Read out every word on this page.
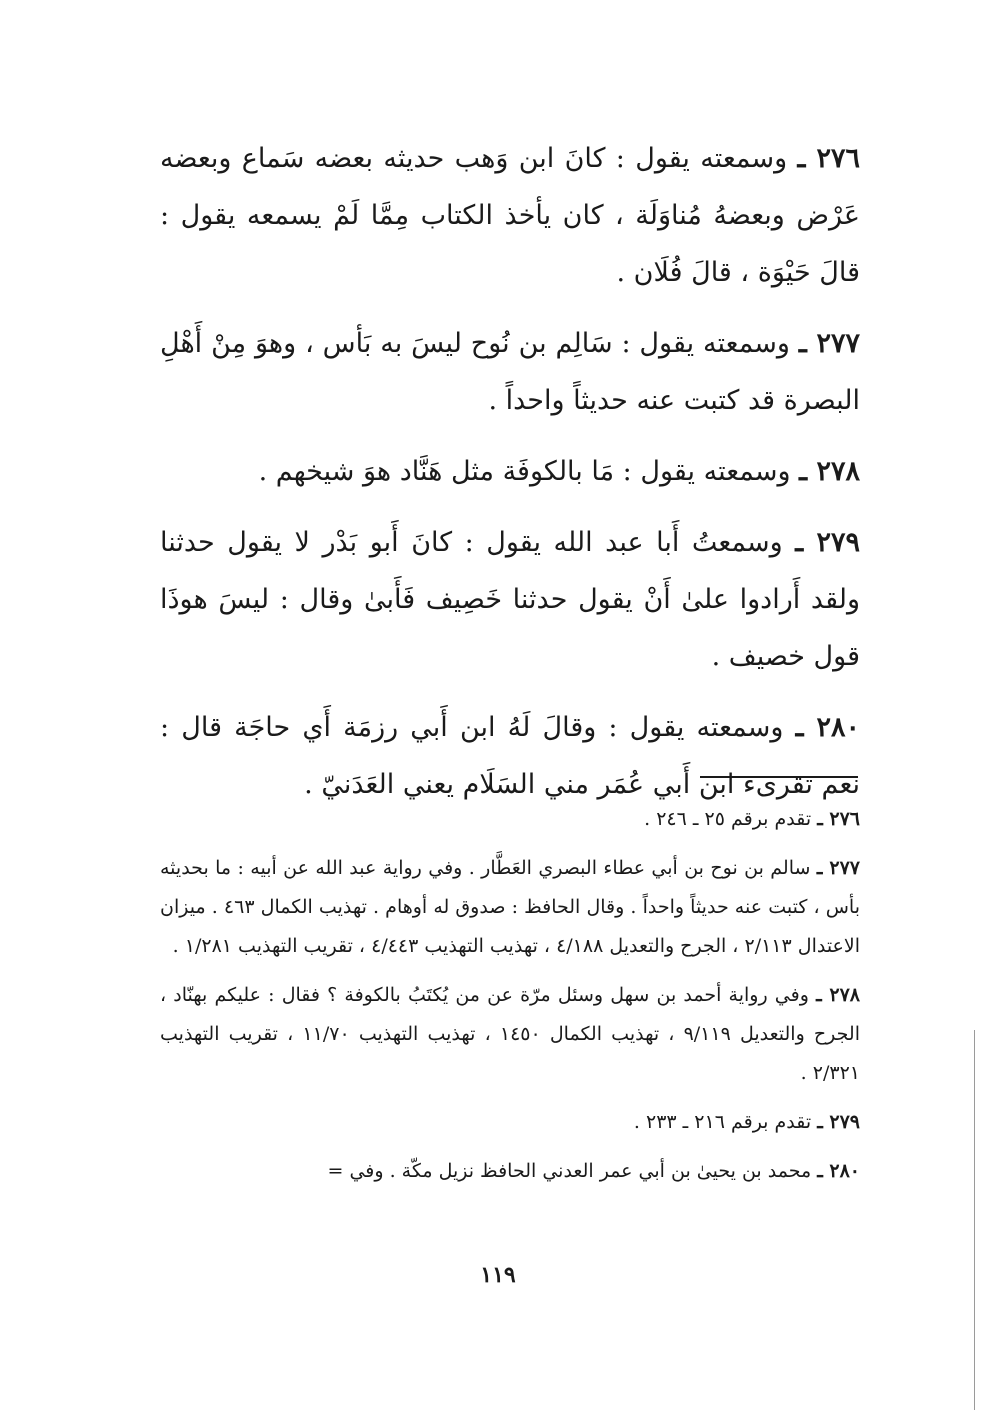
٢٧٦ ـ وسمعته يقول : كانَ ابن وَهب حديثه بعضه سَماع وبعضه عَرْض وبعضهُ مُناوَلَة ، كان يأخذ الكتاب مِمَّا لَمْ يسمعه يقول : قالَ حَيْوَة ، قالَ فُلَان .

٢٧٧ ـ وسمعته يقول : سَالِم بن نُوح ليسَ به بَأس ، وهوَ مِنْ أَهْلِ البصرة قد كتبت عنه حديثاً واحداً .

٢٧٨ ـ وسمعته يقول : مَا بالكوفَة مثل هَنَّاد هوَ شيخهم .

٢٧٩ ـ وسمعتُ أَبا عبد الله يقول : كانَ أَبو بَدْر لا يقول حدثنا ولقد أَرادوا علىٰ أَنْ يقول حدثنا خَصِيف فَأَبىٰ وقال : ليسَ هوذَا قول خصيف .

٢٨٠ ـ وسمعته يقول : وقالَ لَهُ ابن أَبي رزمَة أَي حاجَة قال : نعم تقرىء ابن أَبي عُمَر مني السَلَام يعني العَدَنيّ .

٢٧٦ ـ تقدم برقم ٢٥ ـ ٢٤٦ .

٢٧٧ ـ سالم بن نوح بن أبي عطاء البصري العَطَّار . وفي رواية عبد الله عن أبيه : ما بحديثه بأس ، كتبت عنه حديثاً واحداً . وقال الحافظ : صدوق له أوهام . تهذيب الكمال ٤٦٣ . ميزان الاعتدال ٢/١١٣ ، الجرح والتعديل ٤/١٨٨ ، تهذيب التهذيب ٤/٤٤٣ ، تقريب التهذيب ١/٢٨١ .

٢٧٨ ـ وفي رواية أحمد بن سهل وسئل مرّة عن من يُكتَبُ بالكوفة ؟ فقال : عليكم بهنّاد ، الجرح والتعديل ٩/١١٩ ، تهذيب الكمال ١٤٥٠ ، تهذيب التهذيب ١١/٧٠ ، تقريب التهذيب ٢/٣٢١ .

٢٧٩ ـ تقدم برقم ٢١٦ ـ ٢٣٣ .

٢٨٠ ـ محمد بن يحيىٰ بن أبي عمر العدني الحافظ نزيل مكّة . وفي =

١١٩
